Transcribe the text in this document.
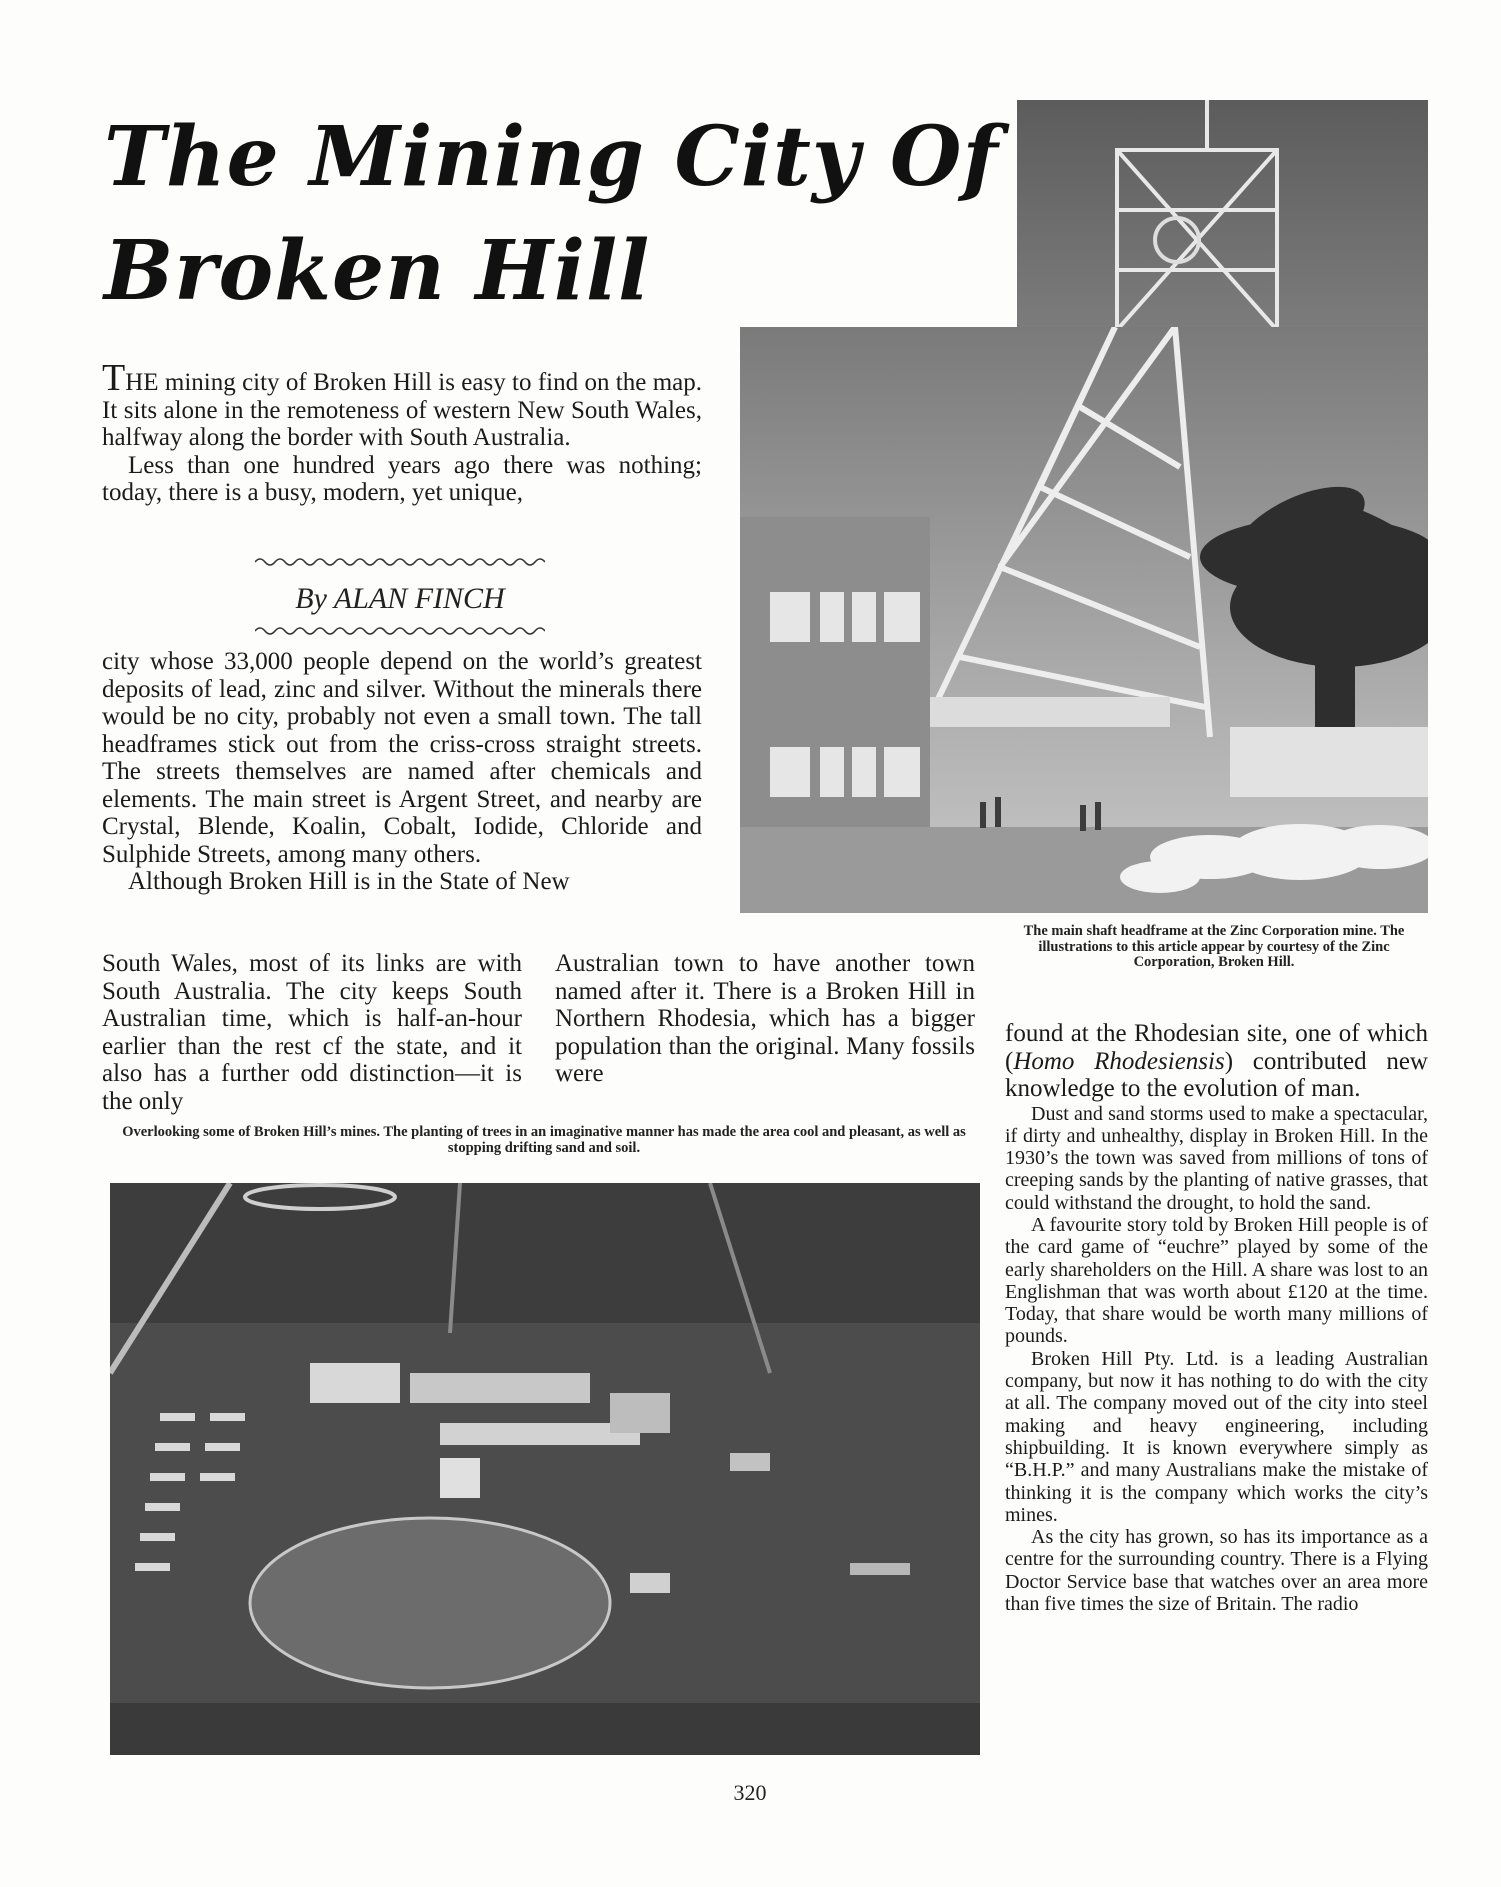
The Mining City Of
Broken Hill
The main shaft headframe at the Zinc Corporation mine. The illustrations to this article appear by courtesy of the Zinc Corporation, Broken Hill.

THE mining city of Broken Hill is easy to find on the map. It sits alone in the remoteness of western New South Wales, halfway along the border with South Australia.

Less than one hundred years ago there was nothing; today, there is a busy, modern, yet unique,

By ALAN FINCH

city whose 33,000 people depend on the world’s greatest deposits of lead, zinc and silver. Without the minerals there would be no city, probably not even a small town. The tall headframes stick out from the criss-cross straight streets. The streets themselves are named after chemicals and elements. The main street is Argent Street, and nearby are Crystal, Blende, Koalin, Cobalt, Iodide, Chloride and Sulphide Streets, among many others.

Although Broken Hill is in the State of New

South Wales, most of its links are with South Australia. The city keeps South Australian time, which is half-an-hour earlier than the rest cf the state, and it also has a further odd distinction—it is the only

Australian town to have another town named after it. There is a Broken Hill in Northern Rhodesia, which has a bigger population than the original. Many fossils were

Overlooking some of Broken Hill’s mines. The planting of trees in an imaginative manner has made the area cool and pleasant, as well as stopping drifting sand and soil.

found at the Rhodesian site, one of which (Homo Rhodesiensis) contributed new knowledge to the evolution of man.

Dust and sand storms used to make a spectacular, if dirty and unhealthy, display in Broken Hill. In the 1930’s the town was saved from millions of tons of creeping sands by the planting of native grasses, that could withstand the drought, to hold the sand.

A favourite story told by Broken Hill people is of the card game of “euchre” played by some of the early shareholders on the Hill. A share was lost to an Englishman that was worth about £120 at the time. Today, that share would be worth many millions of pounds.

Broken Hill Pty. Ltd. is a leading Australian company, but now it has nothing to do with the city at all. The company moved out of the city into steel making and heavy engineering, including shipbuilding. It is known everywhere simply as “B.H.P.” and many Australians make the mistake of thinking it is the company which works the city’s mines.

As the city has grown, so has its importance as a centre for the surrounding country. There is a Flying Doctor Service base that watches over an area more than five times the size of Britain. The radio

320
